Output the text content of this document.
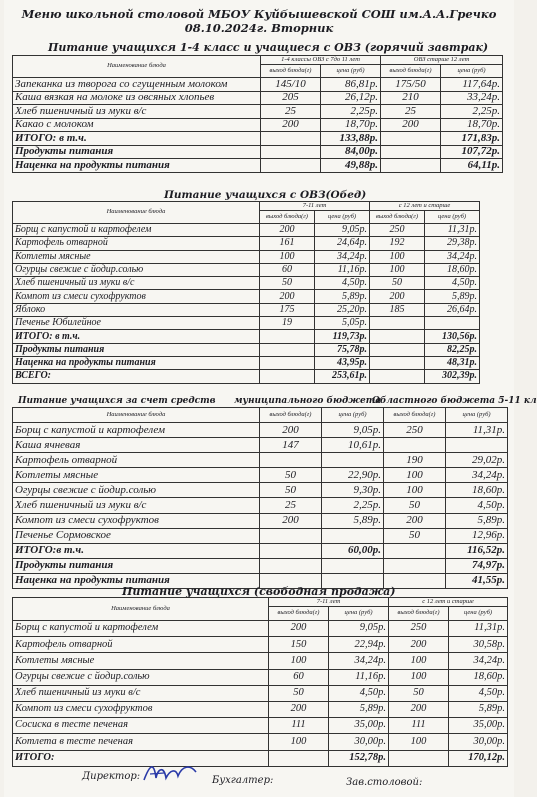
Меню школьной столовой МБОУ Куйбышевской СОШ им.А.А.Гречко
08.10.2024г. Вторник
Питание учащихся 1-4 класс и учащиеся с ОВЗ (горячий завтрак)
Наименование блюда	1-4 классы ОВЗ с 7до 11 лет		ОВЗ старше 12 лет	
	выход блюда(г)	цена (руб)	выход блюда(г)	цена (руб)
Запеканка из творога со сгущенным молоком	145/10	86,81р.	175/50	117,64р.
Каша вязкая на молоке из овсяных хлопьев	205	26,12р.	210	33,24р.
Хлеб пшеничный из муки в/с	25	2,25р.	25	2,25р.
Какао с молоком	200	18,70р.	200	18,70р.
ИТОГО: в т.ч.		133,88р.		171,83р.
Продукты питания		84,00р.		107,72р.
Наценка на продукты питания		49,88р.		64,11р.
Питание учащихся с ОВЗ(Обед)
Наименование блюда	7-11 лет		с 12 лет и старше	
	выход блюда(г)	цена (руб)	выход блюда(г)	цена (руб)
Борщ с капустой и картофелем	200	9,05р.	250	11,31р.
Картофель отварной	161	24,64р.	192	29,38р.
Котлеты мясные	100	34,24р.	100	34,24р.
Огурцы свежие с йодир.солью	60	11,16р.	100	18,60р.
Хлеб пшеничный из муки в/с	50	4,50р.	50	4,50р.
Компот из смеси сухофруктов	200	5,89р.	200	5,89р.
Яблоко	175	25,20р.	185	26,64р.
Печенье Юбилейное	19	5,05р.		
ИТОГО: в т.ч.		119,73р.		130,56р.
Продукты питания		75,78р.		82,25р.
Наценка на продукты питания		43,95р.		48,31р.
ВСЕГО:		253,61р.		302,39р.
Питание учащихся за счет средств муниципального бюджета
Областного бюджета 5-11 кл
Наименование блюда	выход блюда(г)	цена (руб)	выход блюда(г)	цена (руб)
Борщ с капустой и картофелем	200	9,05р.	250	11,31р.
Каша ячневая	147	10,61р.		
Картофель отварной			190	29,02р.
Котлеты мясные	50	22,90р.	100	34,24р.
Огурцы свежие с йодир.солью	50	9,30р.	100	18,60р.
Хлеб пшеничный из муки в/с	25	2,25р.	50	4,50р.
Компот из смеси сухофруктов	200	5,89р.	200	5,89р.
Печенье Сормовское			50	12,96р.
ИТОГО:в т.ч.		60,00р.		116,52р.
Продукты питания				74,97р.
Наценка на продукты питания				41,55р.
Питание учащихся (свободная продажа)
Наименование блюда	7-11 лет		с 12 лет и старше	
	выход блюда(г)	цена (руб)	выход блюда(г)	цена (руб)
Борщ с капустой и картофелем	200	9,05р.	250	11,31р.
Картофель отварной	150	22,94р.	200	30,58р.
Котлеты мясные	100	34,24р.	100	34,24р.
Огурцы свежие с йодир.солью	60	11,16р.	100	18,60р.
Хлеб пшеничный из муки в/с	50	4,50р.	50	4,50р.
Компот из смеси сухофруктов	200	5,89р.	200	5,89р.
Сосиска в тесте печеная	111	35,00р.	111	35,00р.
Котлета в тесте печеная	100	30,00р.	100	30,00р.
ИТОГО:		152,78р.		170,12р.
Директор:	Бухгалтер:	Зав.столовой:
